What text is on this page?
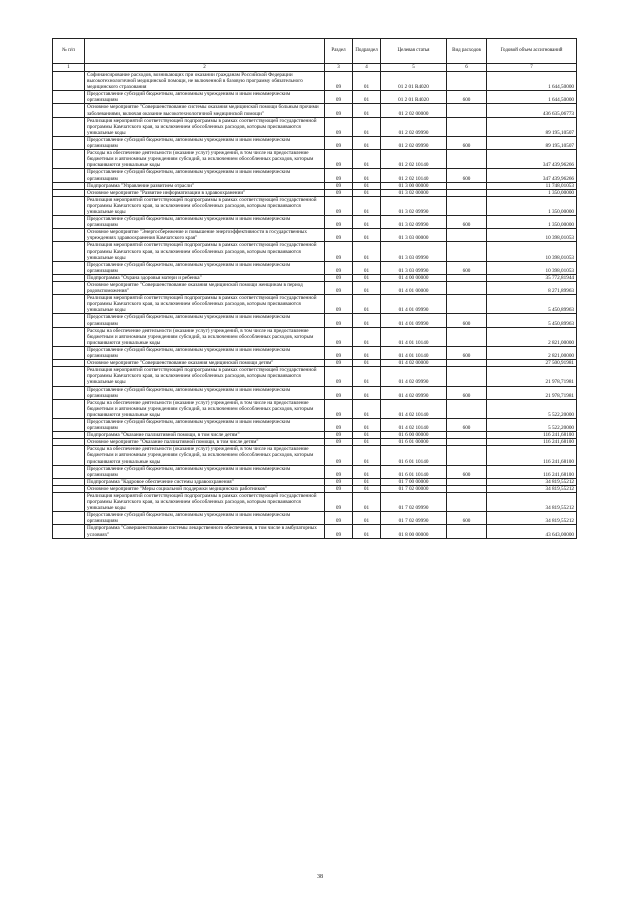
№ п/п		Раздел	Подраздел	Целевая статья	Вид расходов	Годовой объем ассигнований
1	2	3	4	5	6	7
	Софинансирование расходов, возникающих при оказании гражданам Российской Федерации высокотехнологичной медицинской помощи, не включенной в базовую программу обязательного медицинского страхования	09	01	01 2 01 R4020		1 644,50000
	Предоставление субсидий бюджетным, автономным учреждениям и иным некоммерческим организациям	09	01	01 2 01 R4020	600	1 644,50000
	Основное мероприятие "Совершенствование системы оказания медицинской помощи больным прочими заболеваниями, включая оказание высокотехнологичной медицинской помощи"	09	01	01 2 02 00000		436 635,06773
	Реализация мероприятий соответствующей подпрограммы в рамках соответствующей государственной программы Камчатского края, за исключением обособленных расходов, которым присваиваются уникальные коды	09	01	01 2 02 09990		89 195,10507
	Предоставление субсидий бюджетным, автономным учреждениям и иным некоммерческим организациям	09	01	01 2 02 09990	600	89 195,10507
	Расходы на обеспечение деятельности (оказание услуг) учреждений, в том числе на предоставление бюджетным и автономным учреждениям субсидий, за исключением обособленных расходов, которым присваиваются уникальные коды	09	01	01 2 02 10140		347 439,96266
	Предоставление субсидий бюджетным, автономным учреждениям и иным некоммерческим организациям	09	01	01 2 02 10140	600	347 439,96266
	Подпрограмма "Управление развитием отрасли"	09	01	01 3 00 00000		11 748,01053
	Основное мероприятие "Развитие информатизации в здравоохранении"	09	01	01 3 02 00000		1 350,00000
	Реализация мероприятий соответствующей подпрограммы в рамках соответствующей государственной программы Камчатского края, за исключением обособленных расходов, которым присваиваются уникальные коды	09	01	01 3 02 09990		1 350,00000
	Предоставление субсидий бюджетным, автономным учреждениям и иным некоммерческим организациям	09	01	01 3 02 09990	600	1 350,00000
	Основное мероприятие "Энергосбережение и повышение энергоэффективности в государственных учреждениях здравоохранения Камчатского края"	09	01	01 3 03 00000		10 398,01053
	Реализация мероприятий соответствующей подпрограммы в рамках соответствующей государственной программы Камчатского края, за исключением обособленных расходов, которым присваиваются уникальные коды	09	01	01 3 03 09990		10 398,01053
	Предоставление субсидий бюджетным, автономным учреждениям и иным некоммерческим организациям	09	01	01 3 03 09990	600	10 398,01053
	Подпрограмма "Охрана здоровья матери и ребенка"	09	01	01 4 00 00000		35 772,81944
	Основное мероприятие "Совершенствование оказания медицинской помощи женщинам в период родовспоможения"	09	01	01 4 01 00000		8 271,89963
	Реализация мероприятий соответствующей подпрограммы в рамках соответствующей государственной программы Камчатского края, за исключением обособленных расходов, которым присваиваются уникальные коды	09	01	01 4 01 09990		5 450,89963
	Предоставление субсидий бюджетным, автономным учреждениям и иным некоммерческим организациям	09	01	01 4 01 09990	600	5 450,89963
	Расходы на обеспечение деятельности (оказание услуг) учреждений, в том числе на предоставление бюджетным и автономным учреждениям субсидий, за исключением обособленных расходов, которым присваиваются уникальные коды	09	01	01 4 01 10140		2 821,00000
	Предоставление субсидий бюджетным, автономным учреждениям и иным некоммерческим организациям	09	01	01 4 01 10140	600	2 821,00000
	Основное мероприятие "Совершенствование оказания медицинской помощи детям"	09	01	01 4 02 00000		27 500,91981
	Реализация мероприятий соответствующей подпрограммы в рамках соответствующей государственной программы Камчатского края, за исключением обособленных расходов, которым присваиваются уникальные коды	09	01	01 4 02 09990		21 978,71981
	Предоставление субсидий бюджетным, автономным учреждениям и иным некоммерческим организациям	09	01	01 4 02 09990	600	21 978,71981
	Расходы на обеспечение деятельности (оказание услуг) учреждений, в том числе на предоставление бюджетным и автономным учреждениям субсидий, за исключением обособленных расходов, которым присваиваются уникальные коды	09	01	01 4 02 10140		5 522,20000
	Предоставление субсидий бюджетным, автономным учреждениям и иным некоммерческим организациям	09	01	01 4 02 10140	600	5 522,20000
	Подпрограмма "Оказание паллиативной помощи, в том числе детям"	09	01	01 6 00 00000		116 241,68100
	Основное мероприятие "Оказание паллиативной помощи, в том числе детям"	09	01	01 6 01 00000		116 241,68100
	Расходы на обеспечение деятельности (оказание услуг) учреждений, в том числе на предоставление бюджетным и автономным учреждениям субсидий, за исключением обособленных расходов, которым присваиваются уникальные коды	09	01	01 6 01 10140		116 241,68100
	Предоставление субсидий бюджетным, автономным учреждениям и иным некоммерческим организациям	09	01	01 6 01 10140	600	116 241,68100
	Подпрограмма "Кадровое обеспечение системы здравоохранения"	09	01	01 7 00 00000		34 819,55212
	Основное мероприятие "Меры социальной поддержки медицинских работников"	09	01	01 7 02 00000		34 819,55212
	Реализация мероприятий соответствующей подпрограммы в рамках соответствующей государственной программы Камчатского края, за исключением обособленных расходов, которым присваиваются уникальные коды	09	01	01 7 02 09990		34 819,55212
	Предоставление субсидий бюджетным, автономным учреждениям и иным некоммерческим организациям	09	01	01 7 02 09990	600	34 819,55212
	Подпрограмма "Совершенствование системы лекарственного обеспечения, в том числе в амбулаторных условиях"	09	01	01 8 00 00000		43 643,00000
38
